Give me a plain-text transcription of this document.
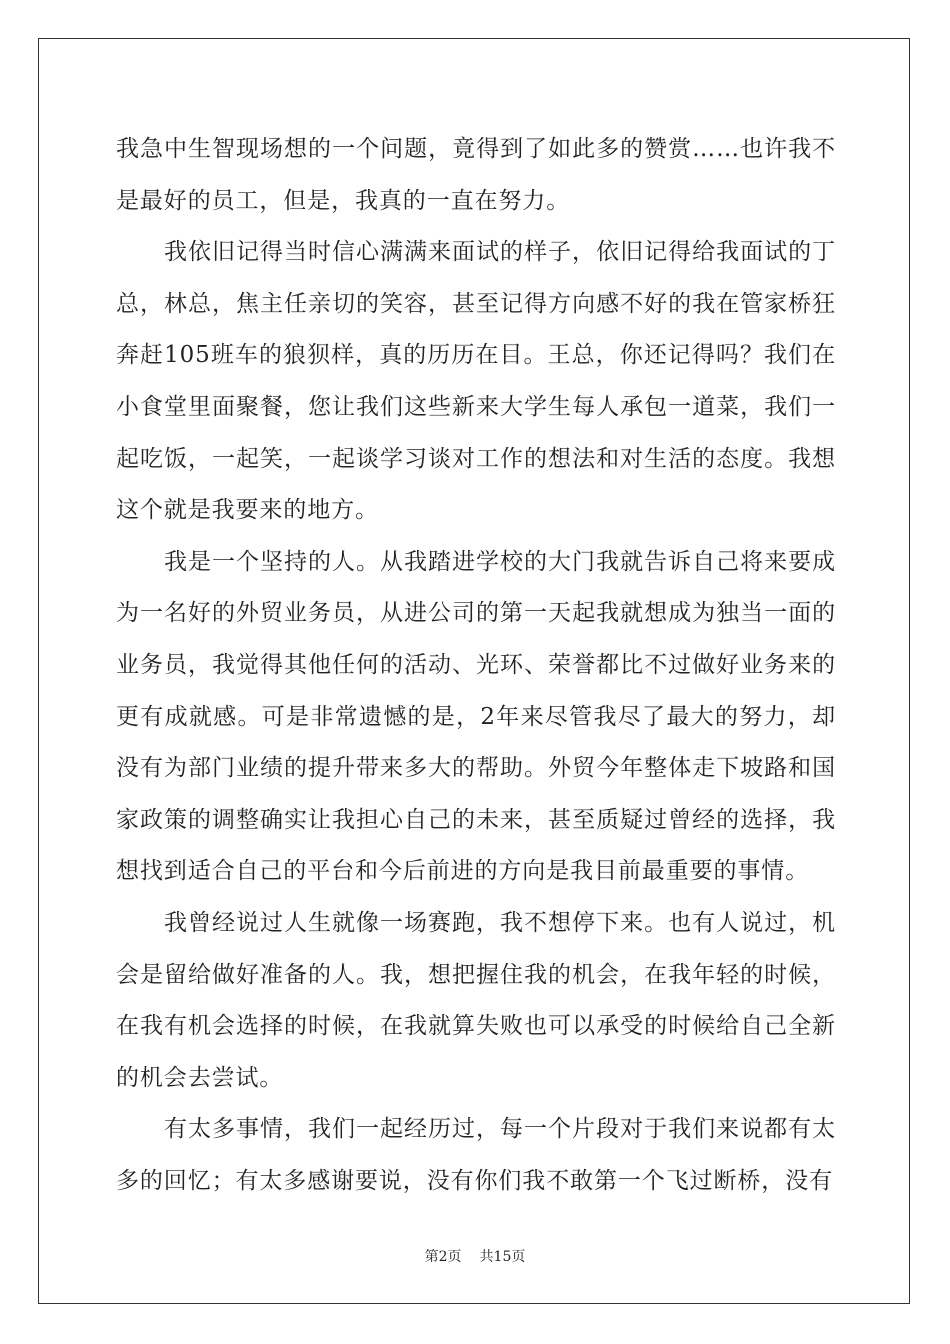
我急中生智现场想的一个问题，竟得到了如此多的赞赏……也许我不是最好的员工，但是，我真的一直在努力。

我依旧记得当时信心满满来面试的样子，依旧记得给我面试的丁总，林总，焦主任亲切的笑容，甚至记得方向感不好的我在管家桥狂奔赶105班车的狼狈样，真的历历在目。王总，你还记得吗？我们在小食堂里面聚餐，您让我们这些新来大学生每人承包一道菜，我们一起吃饭，一起笑，一起谈学习谈对工作的想法和对生活的态度。我想这个就是我要来的地方。

我是一个坚持的人。从我踏进学校的大门我就告诉自己将来要成为一名好的外贸业务员，从进公司的第一天起我就想成为独当一面的业务员，我觉得其他任何的活动、光环、荣誉都比不过做好业务来的更有成就感。可是非常遗憾的是，2年来尽管我尽了最大的努力，却没有为部门业绩的提升带来多大的帮助。外贸今年整体走下坡路和国家政策的调整确实让我担心自己的未来，甚至质疑过曾经的选择，我想找到适合自己的平台和今后前进的方向是我目前最重要的事情。

我曾经说过人生就像一场赛跑，我不想停下来。也有人说过，机会是留给做好准备的人。我，想把握住我的机会，在我年轻的时候，在我有机会选择的时候，在我就算失败也可以承受的时候给自己全新的机会去尝试。

有太多事情，我们一起经历过，每一个片段对于我们来说都有太多的回忆；有太多感谢要说，没有你们我不敢第一个飞过断桥，没有

第2页 共15页
